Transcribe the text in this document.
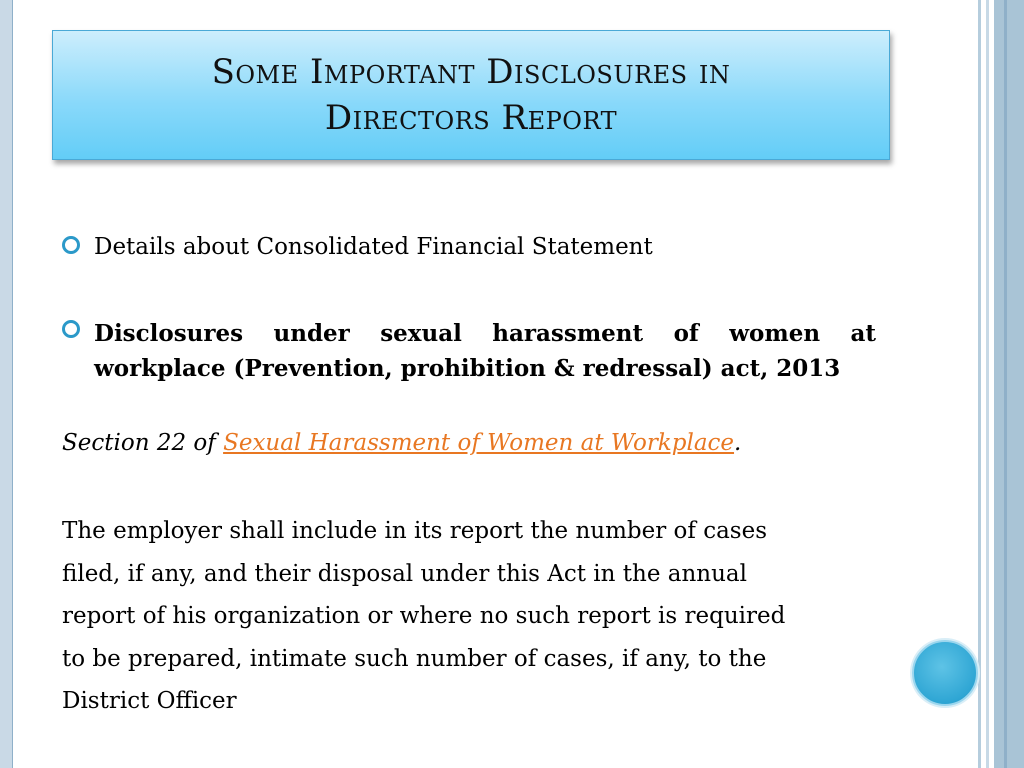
Some Important Disclosures in
Directors Report
Details about Consolidated Financial Statement
Disclosures under sexual harassment of women at workplace (Prevention, prohibition & redressal) act, 2013
Section 22 of Sexual Harassment of Women at Workplace.
The employer shall include in its report the number of cases
filed, if any, and their disposal under this Act in the annual
report of his organization or where no such report is required
to be prepared, intimate such number of cases, if any, to the
District Officer
